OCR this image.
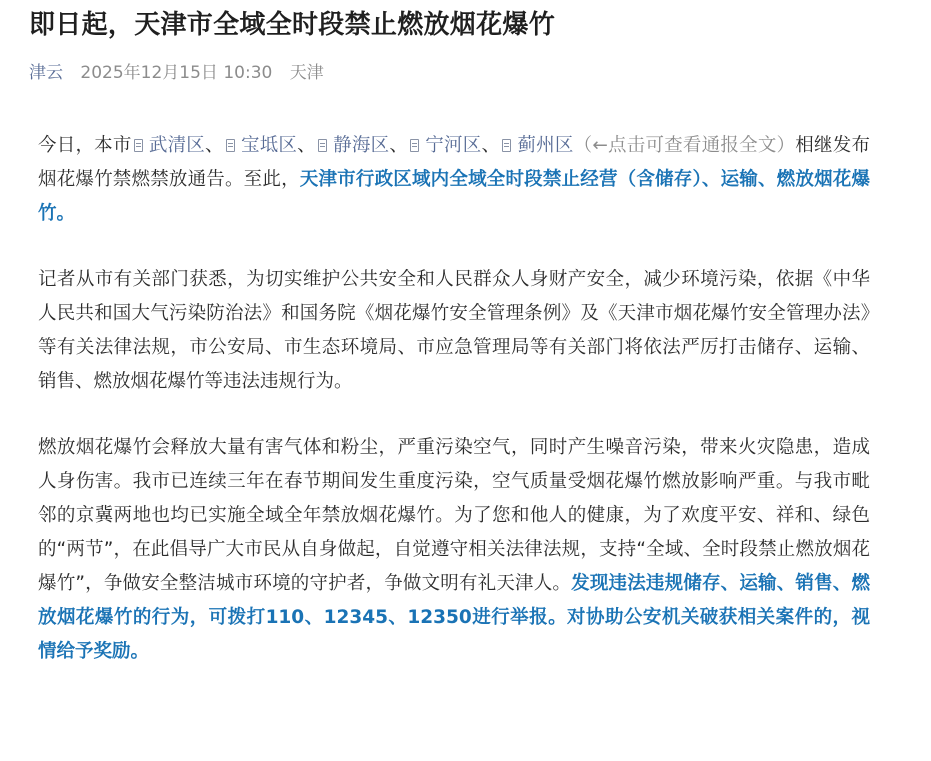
即日起，天津市全域全时段禁止燃放烟花爆竹
津云 2025年12月15日 10:30 天津

今日，本市 武清区、 宝坻区、 静海区、 宁河区、 蓟州区（←点击可查看通报全文）相继发布烟花爆竹禁燃禁放通告。至此，天津市行政区域内全域全时段禁止经营（含储存）、运输、燃放烟花爆竹。

记者从市有关部门获悉，为切实维护公共安全和人民群众人身财产安全，减少环境污染，依据《中华人民共和国大气污染防治法》和国务院《烟花爆竹安全管理条例》及《天津市烟花爆竹安全管理办法》等有关法律法规，市公安局、市生态环境局、市应急管理局等有关部门将依法严厉打击储存、运输、销售、燃放烟花爆竹等违法违规行为。

燃放烟花爆竹会释放大量有害气体和粉尘，严重污染空气，同时产生噪音污染，带来火灾隐患，造成人身伤害。我市已连续三年在春节期间发生重度污染，空气质量受烟花爆竹燃放影响严重。与我市毗邻的京冀两地也均已实施全域全年禁放烟花爆竹。为了您和他人的健康，为了欢度平安、祥和、绿色的“两节”，在此倡导广大市民从自身做起，自觉遵守相关法律法规，支持“全域、全时段禁止燃放烟花爆竹”，争做安全整洁城市环境的守护者，争做文明有礼天津人。发现违法违规储存、运输、销售、燃放烟花爆竹的行为，可拨打110、12345、12350进行举报。对协助公安机关破获相关案件的，视情给予奖励。
